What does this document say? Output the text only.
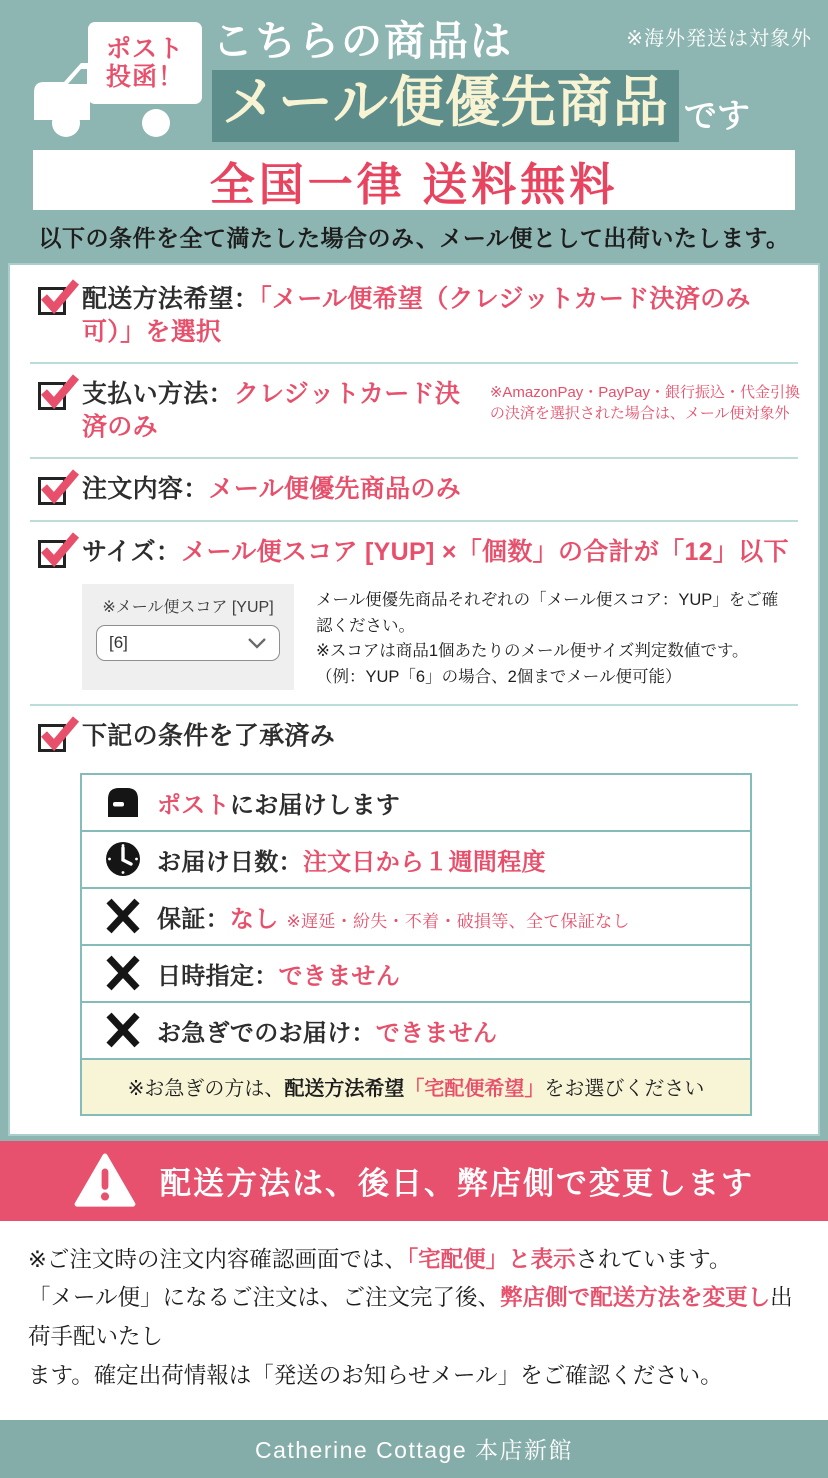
ポスト
投函！
こちらの商品は
メール便優先商品 です
※海外発送は対象外
全国一律 送料無料
以下の条件を全て満たした場合のみ、メール便として出荷いたします。
配送方法希望：「メール便希望（クレジットカード決済のみ可）」を選択
支払い方法：クレジットカード決済のみ
※AmazonPay・PayPay・銀行振込・代金引換
の決済を選択された場合は、メール便対象外
注文内容：メール便優先商品のみ
サイズ：メール便スコア [YUP] ×「個数」の合計が「12」以下
※メール便スコア [YUP]
[6]
メール便優先商品それぞれの「メール便スコア：YUP」をご確認ください。
※スコアは商品1個あたりのメール便サイズ判定数値です。
（例：YUP「6」の場合、2個までメール便可能）
下記の条件を了承済み
ポストにお届けします
お届け日数：注文日から１週間程度
保証：なし ※遅延・紛失・不着・破損等、全て保証なし
日時指定：できません
お急ぎでのお届け：できません
※お急ぎの方は、 配送方法希望 「宅配便希望」 をお選びください
配送方法は、後日、弊店側で変更します
※ご注文時の注文内容確認画面では、「宅配便」と表示されています。
「メール便」になるご注文は、ご注文完了後、弊店側で配送方法を変更し出荷手配いたし
ます。確定出荷情報は「発送のお知らせメール」をご確認ください。
Catherine Cottage 本店新館
